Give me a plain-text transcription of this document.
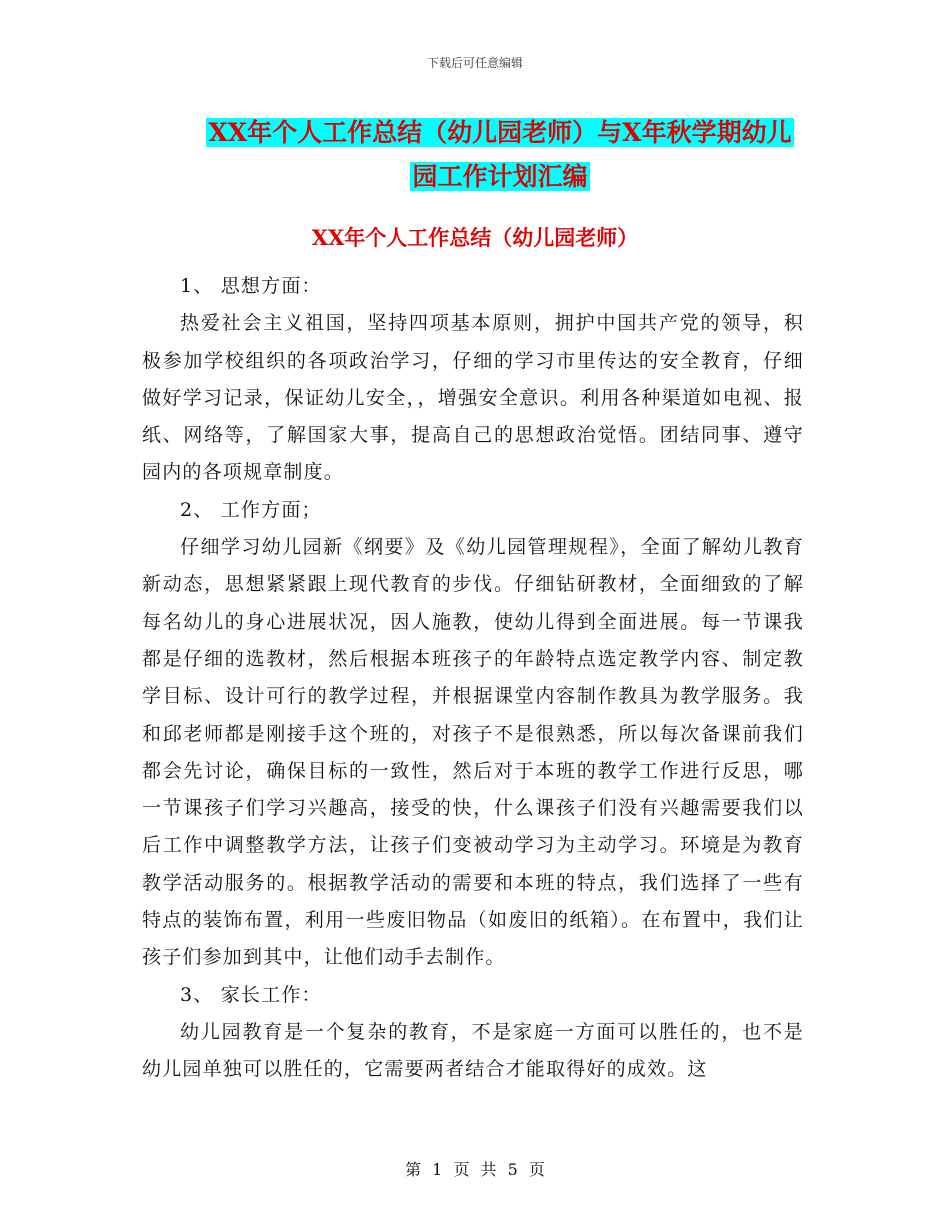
下载后可任意编辑
XX年个人工作总结（幼儿园老师）与X年秋学期幼儿
园工作计划汇编
XX年个人工作总结（幼儿园老师）

1、 思想方面：

热爱社会主义祖国，坚持四项基本原则，拥护中国共产党的领导，积极参加学校组织的各项政治学习，仔细的学习市里传达的安全教育，仔细做好学习记录，保证幼儿安全，，增强安全意识。利用各种渠道如电视、报纸、网络等，了解国家大事，提高自己的思想政治觉悟。团结同事、遵守园内的各项规章制度。

2、 工作方面；

仔细学习幼儿园新《纲要》及《幼儿园管理规程》，全面了解幼儿教育新动态，思想紧紧跟上现代教育的步伐。仔细钻研教材，全面细致的了解每名幼儿的身心进展状况，因人施教，使幼儿得到全面进展。每一节课我都是仔细的选教材，然后根据本班孩子的年龄特点选定教学内容、制定教学目标、设计可行的教学过程，并根据课堂内容制作教具为教学服务。我和邱老师都是刚接手这个班的，对孩子不是很熟悉，所以每次备课前我们都会先讨论，确保目标的一致性，然后对于本班的教学工作进行反思，哪一节课孩子们学习兴趣高，接受的快，什么课孩子们没有兴趣需要我们以后工作中调整教学方法，让孩子们变被动学习为主动学习。环境是为教育教学活动服务的。根据教学活动的需要和本班的特点，我们选择了一些有特点的装饰布置，利用一些废旧物品（如废旧的纸箱）。在布置中，我们让孩子们参加到其中，让他们动手去制作。

3、 家长工作：

幼儿园教育是一个复杂的教育，不是家庭一方面可以胜任的，也不是幼儿园单独可以胜任的，它需要两者结合才能取得好的成效。这

第 1 页 共 5 页
